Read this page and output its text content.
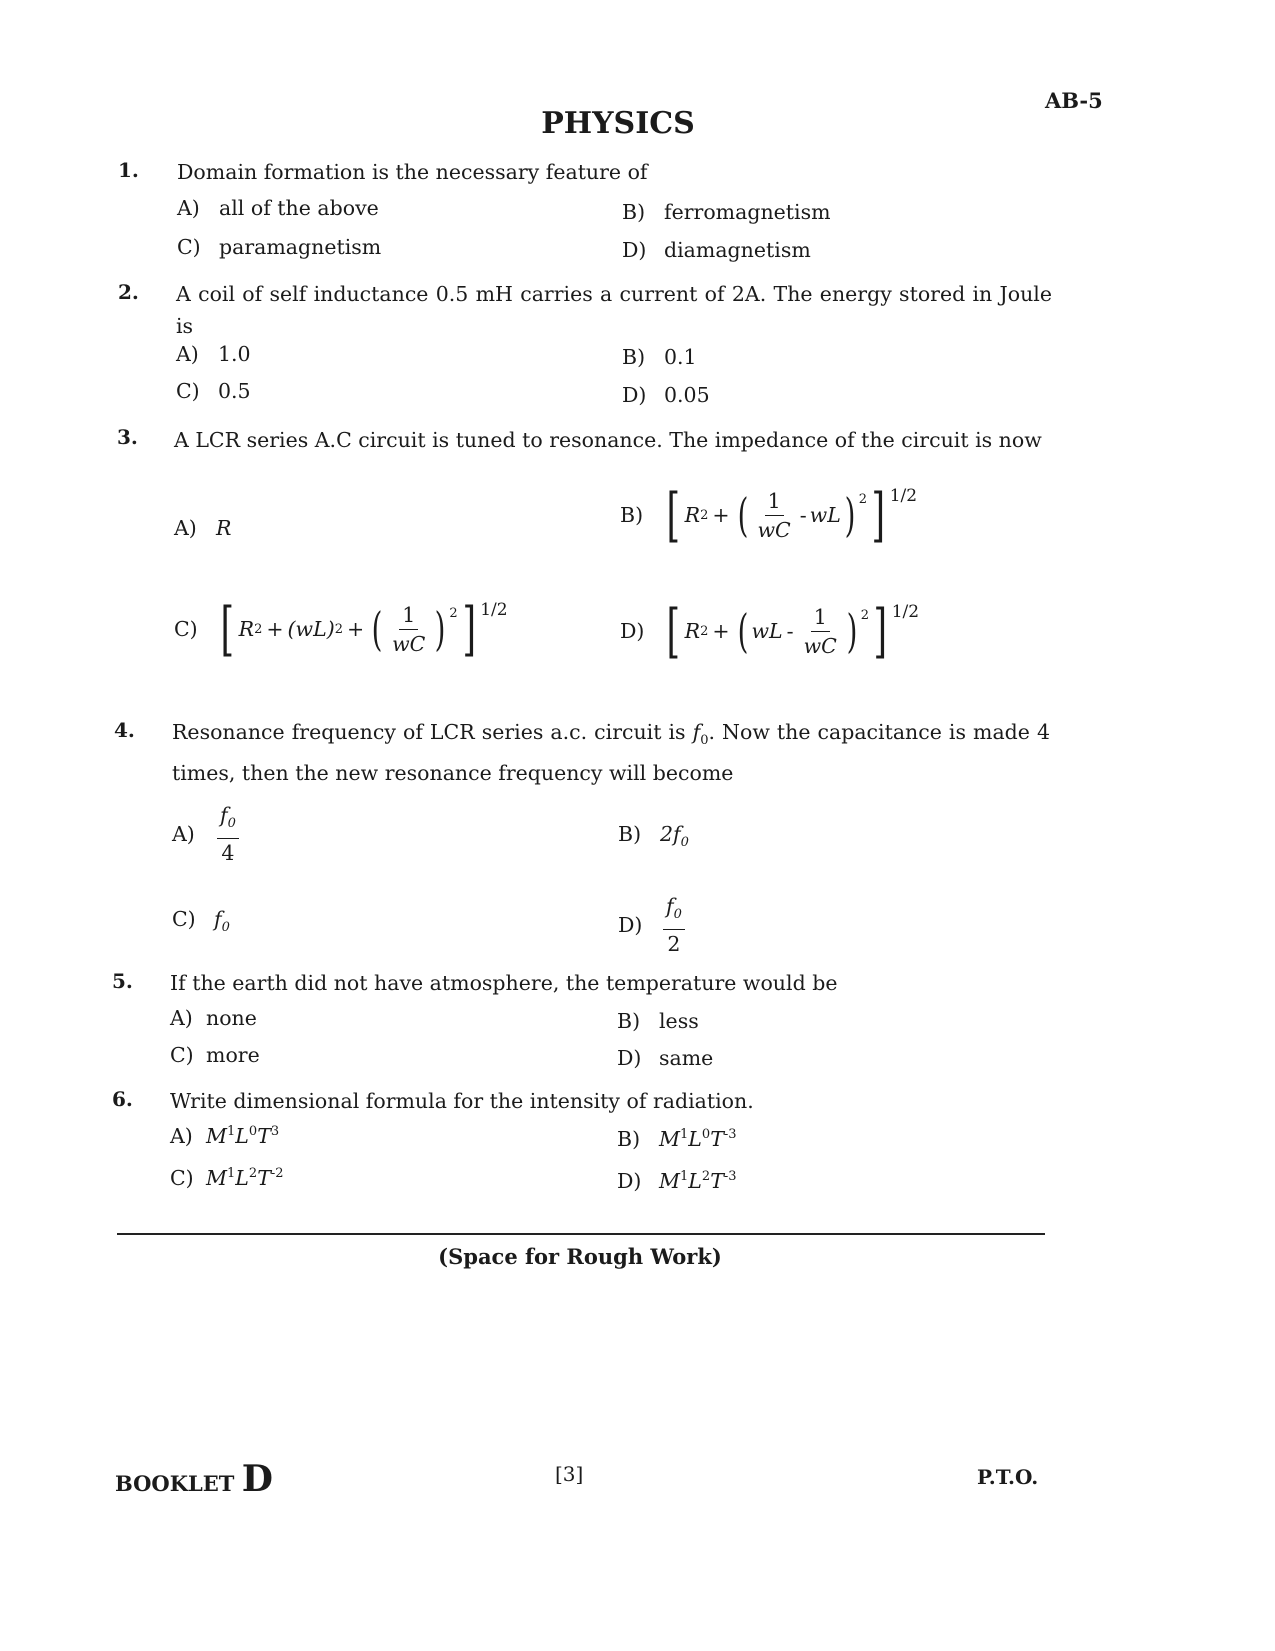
AB-5
PHYSICS
1. Domain formation is the necessary feature of
A) all of the above	B) ferromagnetism
C) paramagnetism	D) diamagnetism
2. A coil of self inductance 0.5 mH carries a current of 2A. The energy stored in Joule is
A) 1.0	B) 0.1
C) 0.5	D) 0.05
3. A LCR series A.C circuit is tuned to resonance. The impedance of the circuit is now
A) R
B) [ R 2 + ( $\frac{1}{wC}$ - wL ) $^2$ ] $^{1/2}$
C) [ R 2 + (wL) 2 + ( $\frac{1}{wC}$ ) $^2$ ] $^{1/2}$
D) [ R 2 + ( wL - $\frac{1}{wC}$ ) $^2$ ] $^{1/2}$
4. Resonance frequency of LCR series a.c. circuit is $f_0$. Now the capacitance is made 4 times, then the new resonance frequency will become
A)	$\frac{f_0}{4}$	B) $2f_0$
C) $f_0$	D)	$\frac{f_0}{2}$
5. If the earth did not have atmosphere, the temperature would be
A) none	B) less
C) more	D) same
6. Write dimensional formula for the intensity of radiation.
A) $M^1L^0T^3$	B) $M^1L^0T^{-3}$
C) $M^1L^2T^{-2}$	D) $M^1L^2T^{-3}$
(Space for Rough Work)
BOOKLET D	[3]	P.T.O.
